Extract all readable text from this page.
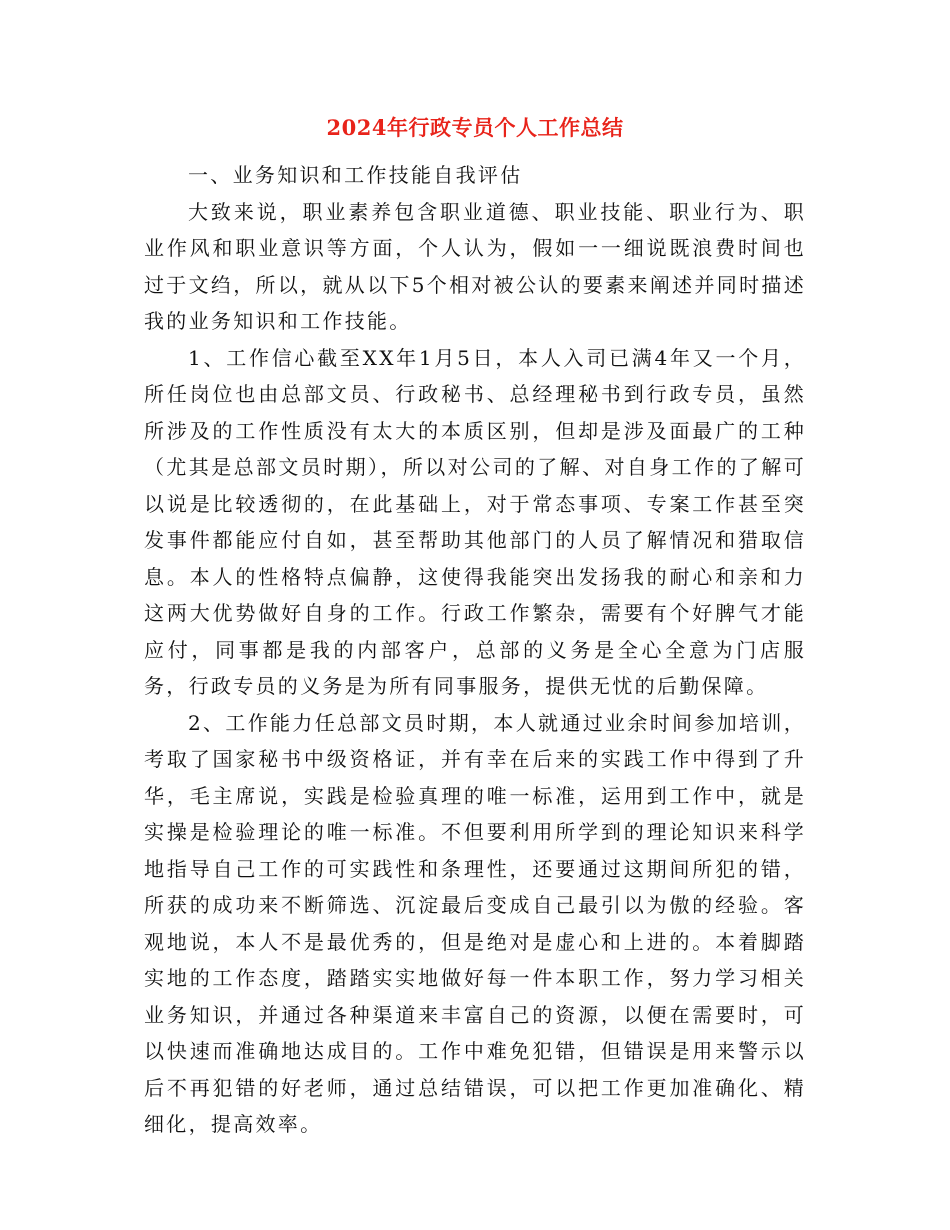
2024年行政专员个人工作总结

一、业务知识和工作技能自我评估

大致来说，职业素养包含职业道德、职业技能、职业行为、职业作风和职业意识等方面，个人认为，假如一一细说既浪费时间也过于文绉，所以，就从以下5个相对被公认的要素来阐述并同时描述我的业务知识和工作技能。

1、工作信心截至XX年1月5日，本人入司已满4年又一个月，所任岗位也由总部文员、行政秘书、总经理秘书到行政专员，虽然所涉及的工作性质没有太大的本质区别，但却是涉及面最广的工种（尤其是总部文员时期），所以对公司的了解、对自身工作的了解可以说是比较透彻的，在此基础上，对于常态事项、专案工作甚至突发事件都能应付自如，甚至帮助其他部门的人员了解情况和猎取信息。本人的性格特点偏静，这使得我能突出发扬我的耐心和亲和力这两大优势做好自身的工作。行政工作繁杂，需要有个好脾气才能应付，同事都是我的内部客户，总部的义务是全心全意为门店服务，行政专员的义务是为所有同事服务，提供无忧的后勤保障。

2、工作能力任总部文员时期，本人就通过业余时间参加培训，考取了国家秘书中级资格证，并有幸在后来的实践工作中得到了升华，毛主席说，实践是检验真理的唯一标准，运用到工作中，就是实操是检验理论的唯一标准。不但要利用所学到的理论知识来科学地指导自己工作的可实践性和条理性，还要通过这期间所犯的错，所获的成功来不断筛选、沉淀最后变成自己最引以为傲的经验。客观地说，本人不是最优秀的，但是绝对是虚心和上进的。本着脚踏实地的工作态度，踏踏实实地做好每一件本职工作，努力学习相关业务知识，并通过各种渠道来丰富自己的资源，以便在需要时，可以快速而准确地达成目的。工作中难免犯错，但错误是用来警示以后不再犯错的好老师，通过总结错误，可以把工作更加准确化、精细化，提高效率。
